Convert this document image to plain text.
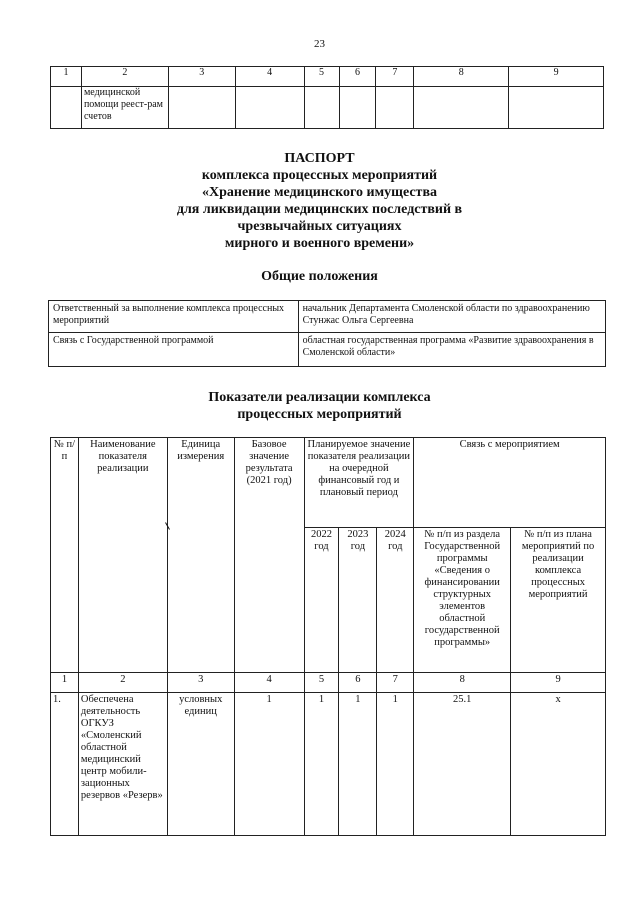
23
1	2	3	4	5	6	7	8	9
	медицинской помощи реест-рам счетов							
ПАСПОРТ
комплекса процессных мероприятий
«Хранение медицинского имущества
для ликвидации медицинских последствий в
чрезвычайных ситуациях
мирного и военного времени»
Общие положения
Ответственный за выполнение комплекса процессных мероприятий	начальник Департамента Смоленской области по здравоохранению Стунжас Ольга Сергеевна
Связь с Государственной программой	областная государственная программа «Развитие здравоохранения в Смоленской области»
Показатели реализации комплекса
процессных мероприятий
№ п/п	Наименование показателя реализации	Единица измерения	Базовое значение результата (2021 год)	Планируемое значение показателя реализации на очередной финансовый год и плановый период			Связь с мероприятием	
				2022 год	2023 год	2024 год	№ п/п из раздела Государственной программы «Сведения о финансировании структурных элементов областной государственной программы»	№ п/п из плана мероприятий по реализации комплекса процессных мероприятий
1	2	3	4	5	6	7	8	9
1.	Обеспечена деятельность ОГКУЗ «Смоленский областной медицинский центр мобили-зационных резервов «Резерв»	условных единиц	1	1	1	1	25.1	х
